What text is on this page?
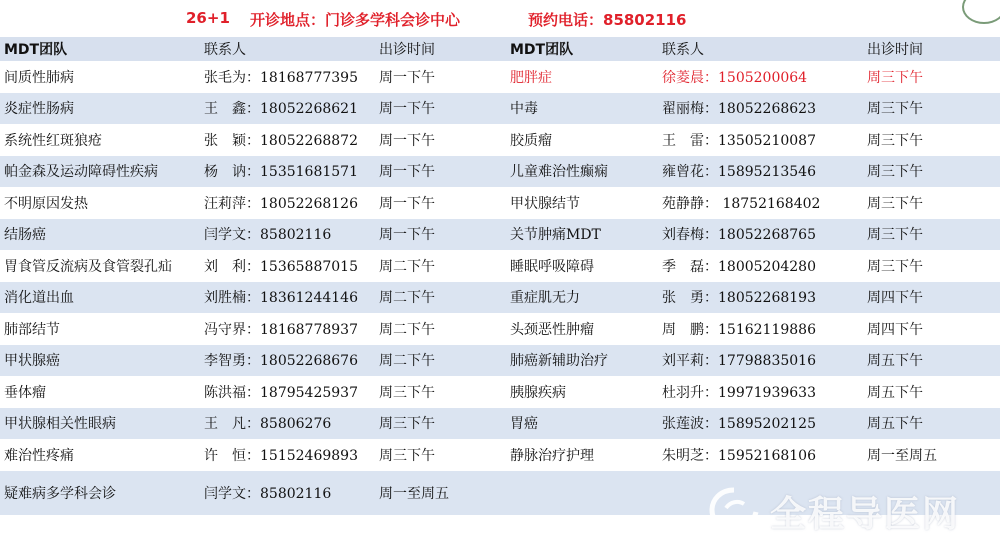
26+1 开诊地点：门诊多学科会诊中心	预约电话：85802116
MDT团队	联系人	出诊时间	MDT团队	联系人	出诊时间
间质性肺病	张毛为：18168777395	周一下午	肥胖症	徐菱晨：1505200064	周三下午
炎症性肠病	王　鑫：18052268621	周一下午	中毒	翟丽梅：18052268623	周三下午
系统性红斑狼疮	张　颖：18052268872	周一下午	胶质瘤	王　雷：13505210087	周三下午
帕金森及运动障碍性疾病	杨　讷：15351681571	周一下午	儿童难治性癫痫	雍曾花：15895213546	周三下午
不明原因发热	汪莉萍：18052268126	周一下午	甲状腺结节	苑静静： 18752168402	周三下午
结肠癌	闫学文：85802116	周一下午	关节肿痛MDT	刘春梅：18052268765	周三下午
胃食管反流病及食管裂孔疝	刘　利：15365887015	周二下午	睡眠呼吸障碍	季　磊：18005204280	周三下午
消化道出血	刘胜楠：18361244146	周二下午	重症肌无力	张　勇：18052268193	周四下午
肺部结节	冯守界：18168778937	周二下午	头颈恶性肿瘤	周　鹏：15162119886	周四下午
甲状腺癌	李智勇：18052268676	周二下午	肺癌新辅助治疗	刘平莉：17798835016	周五下午
垂体瘤	陈洪福：18795425937	周三下午	胰腺疾病	杜羽升：19971939633	周五下午
甲状腺相关性眼病	王　凡：85806276	周三下午	胃癌	张莲波：15895202125	周五下午
难治性疼痛	许　恒：15152469893	周三下午	静脉治疗护理	朱明芝：15952168106	周一至周五
疑难病多学科会诊	闫学文：85802116	周一至周五			
全程导医网
